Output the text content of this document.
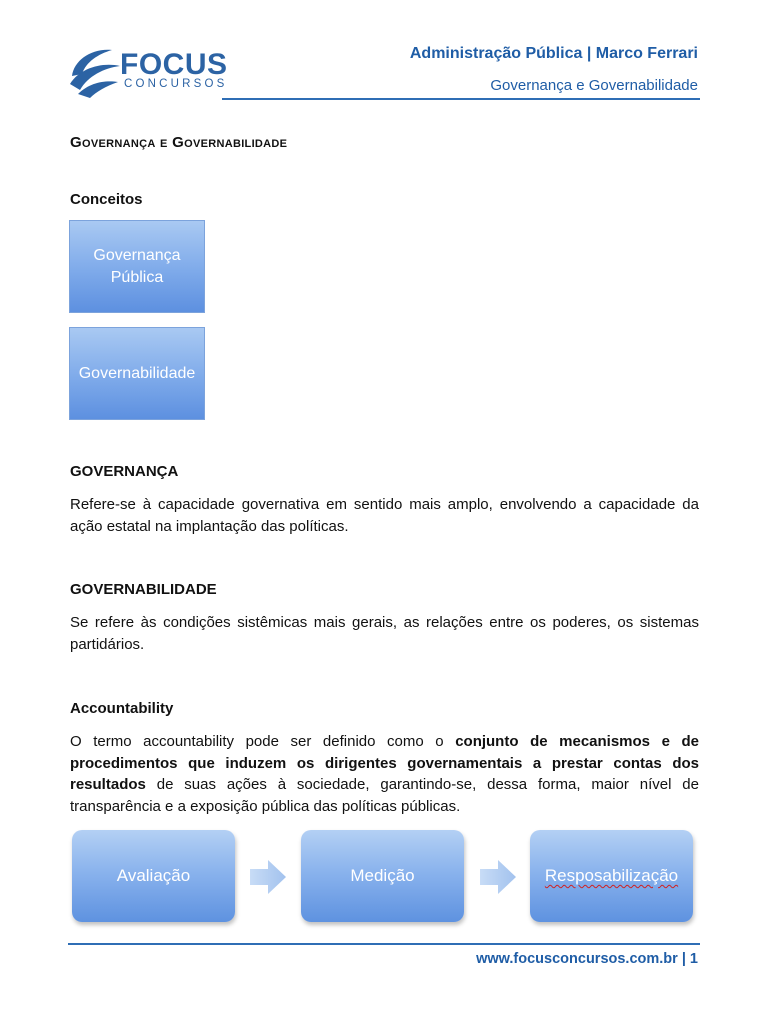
FOCUS
CONCURSOS
Administração Pública | Marco Ferrari
Governança e Governabilidade
Governança e Governabilidade
Conceitos
Governança
Pública
Governabilidade
GOVERNANÇA
Refere-se à capacidade governativa em sentido mais amplo, envolvendo a capacidade da ação estatal na implantação das políticas.
GOVERNABILIDADE
Se refere às condições sistêmicas mais gerais, as relações entre os poderes, os sistemas partidários.
Accountability
O termo accountability pode ser definido como o conjunto de mecanismos e de procedimentos que induzem os dirigentes governamentais a prestar contas dos resultados de suas ações à sociedade, garantindo-se, dessa forma, maior nível de transparência e a exposição pública das políticas públicas.
Avaliação	Medição	Resposabilização
www.focusconcursos.com.br | 1
